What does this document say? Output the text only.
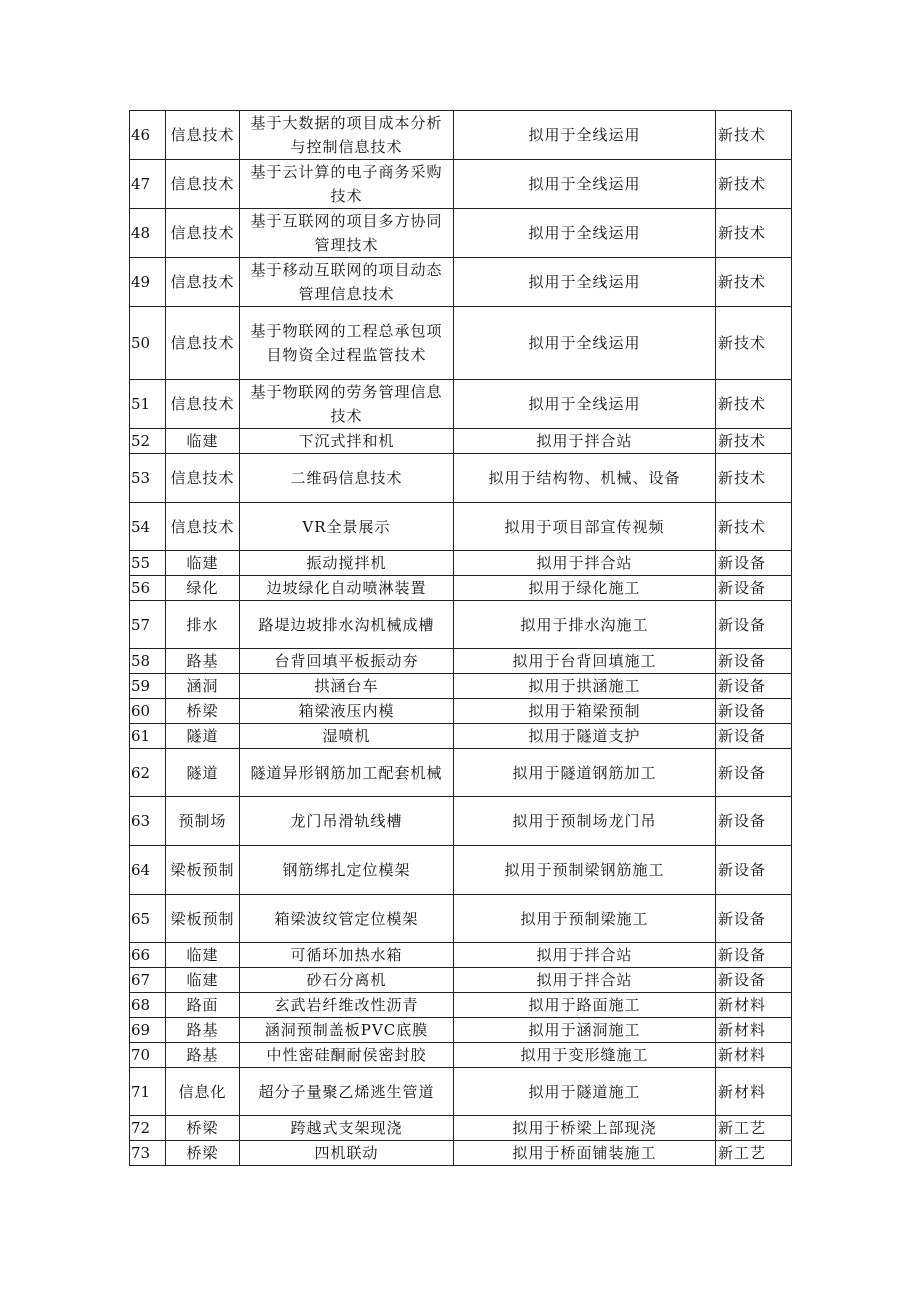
46	信息技术	基于大数据的项目成本分析与控制信息技术	拟用于全线运用	新技术
47	信息技术	基于云计算的电子商务采购技术	拟用于全线运用	新技术
48	信息技术	基于互联网的项目多方协同管理技术	拟用于全线运用	新技术
49	信息技术	基于移动互联网的项目动态管理信息技术	拟用于全线运用	新技术
50	信息技术	基于物联网的工程总承包项目物资全过程监管技术	拟用于全线运用	新技术
51	信息技术	基于物联网的劳务管理信息技术	拟用于全线运用	新技术
52	临建	下沉式拌和机	拟用于拌合站	新技术
53	信息技术	二维码信息技术	拟用于结构物、机械、设备	新技术
54	信息技术	VR全景展示	拟用于项目部宣传视频	新技术
55	临建	振动搅拌机	拟用于拌合站	新设备
56	绿化	边坡绿化自动喷淋装置	拟用于绿化施工	新设备
57	排水	路堤边坡排水沟机械成槽	拟用于排水沟施工	新设备
58	路基	台背回填平板振动夯	拟用于台背回填施工	新设备
59	涵洞	拱涵台车	拟用于拱涵施工	新设备
60	桥梁	箱梁液压内模	拟用于箱梁预制	新设备
61	隧道	湿喷机	拟用于隧道支护	新设备
62	隧道	隧道异形钢筋加工配套机械	拟用于隧道钢筋加工	新设备
63	预制场	龙门吊滑轨线槽	拟用于预制场龙门吊	新设备
64	梁板预制	钢筋绑扎定位模架	拟用于预制梁钢筋施工	新设备
65	梁板预制	箱梁波纹管定位模架	拟用于预制梁施工	新设备
66	临建	可循环加热水箱	拟用于拌合站	新设备
67	临建	砂石分离机	拟用于拌合站	新设备
68	路面	玄武岩纤维改性沥青	拟用于路面施工	新材料
69	路基	涵洞预制盖板PVC底膜	拟用于涵洞施工	新材料
70	路基	中性密硅酮耐侯密封胶	拟用于变形缝施工	新材料
71	信息化	超分子量聚乙烯逃生管道	拟用于隧道施工	新材料
72	桥梁	跨越式支架现浇	拟用于桥梁上部现浇	新工艺
73	桥梁	四机联动	拟用于桥面铺装施工	新工艺
